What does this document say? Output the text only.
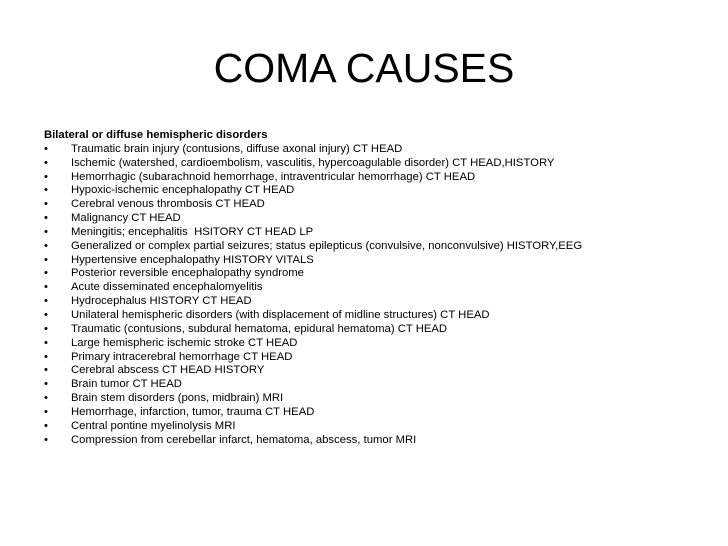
COMA CAUSES
Bilateral or diffuse hemispheric disorders
• Traumatic brain injury (contusions, diffuse axonal injury) CT HEAD
• Ischemic (watershed, cardioembolism, vasculitis, hypercoagulable disorder) CT HEAD,HISTORY
• Hemorrhagic (subarachnoid hemorrhage, intraventricular hemorrhage) CT HEAD
• Hypoxic-ischemic encephalopathy CT HEAD
• Cerebral venous thrombosis CT HEAD
• Malignancy CT HEAD
• Meningitis; encephalitis  HSITORY CT HEAD LP
• Generalized or complex partial seizures; status epilepticus (convulsive, nonconvulsive) HISTORY,EEG
• Hypertensive encephalopathy HISTORY VITALS
• Posterior reversible encephalopathy syndrome
• Acute disseminated encephalomyelitis
• Hydrocephalus HISTORY CT HEAD
• Unilateral hemispheric disorders (with displacement of midline structures) CT HEAD
• Traumatic (contusions, subdural hematoma, epidural hematoma) CT HEAD
• Large hemispheric ischemic stroke CT HEAD
• Primary intracerebral hemorrhage CT HEAD
• Cerebral abscess CT HEAD HISTORY
• Brain tumor CT HEAD
• Brain stem disorders (pons, midbrain) MRI
• Hemorrhage, infarction, tumor, trauma CT HEAD
• Central pontine myelinolysis MRI
• Compression from cerebellar infarct, hematoma, abscess, tumor MRI
